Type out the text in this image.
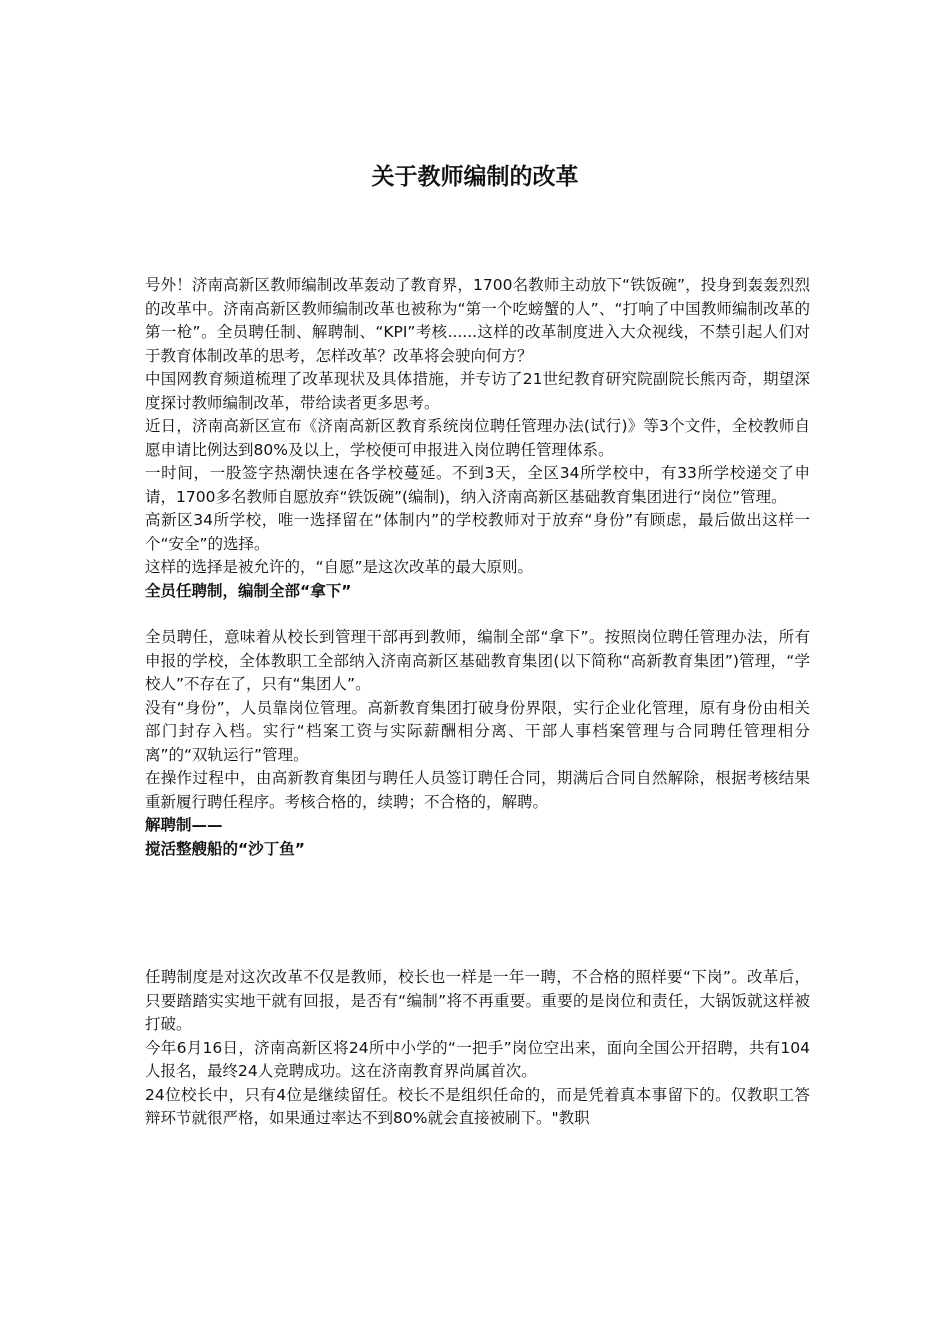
关于教师编制的改革

号外！济南高新区教师编制改革轰动了教育界，1700名教师主动放下“铁饭碗”，投身到轰轰烈烈的改革中。济南高新区教师编制改革也被称为“第一个吃螃蟹的人”、“打响了中国教师编制改革的第一枪”。全员聘任制、解聘制、“KPI”考核......这样的改革制度进入大众视线，不禁引起人们对于教育体制改革的思考，怎样改革？改革将会驶向何方？

中国网教育频道梳理了改革现状及具体措施，并专访了21世纪教育研究院副院长熊丙奇，期望深度探讨教师编制改革，带给读者更多思考。

近日，济南高新区宣布《济南高新区教育系统岗位聘任管理办法(试行)》等3个文件，全校教师自愿申请比例达到80%及以上，学校便可申报进入岗位聘任管理体系。

一时间，一股签字热潮快速在各学校蔓延。不到3天，全区34所学校中，有33所学校递交了申请，1700多名教师自愿放弃“铁饭碗”(编制)，纳入济南高新区基础教育集团进行“岗位”管理。

高新区34所学校，唯一选择留在“体制内”的学校教师对于放弃“身份”有顾虑，最后做出这样一个“安全”的选择。

这样的选择是被允许的，“自愿”是这次改革的最大原则。

全员任聘制，编制全部“拿下”

全员聘任，意味着从校长到管理干部再到教师，编制全部“拿下”。按照岗位聘任管理办法，所有申报的学校，全体教职工全部纳入济南高新区基础教育集团(以下简称“高新教育集团”)管理，“学校人”不存在了，只有“集团人”。

没有“身份”，人员靠岗位管理。高新教育集团打破身份界限，实行企业化管理，原有身份由相关部门封存入档。实行“档案工资与实际薪酬相分离、干部人事档案管理与合同聘任管理相分离”的“双轨运行”管理。

在操作过程中，由高新教育集团与聘任人员签订聘任合同，期满后合同自然解除，根据考核结果重新履行聘任程序。考核合格的，续聘；不合格的，解聘。

解聘制——

搅活整艘船的“沙丁鱼”

任聘制度是对这次改革不仅是教师，校长也一样是一年一聘，不合格的照样要“下岗”。改革后，只要踏踏实实地干就有回报，是否有“编制”将不再重要。重要的是岗位和责任，大锅饭就这样被打破。

今年6月16日，济南高新区将24所中小学的“一把手”岗位空出来，面向全国公开招聘，共有104人报名，最终24人竞聘成功。这在济南教育界尚属首次。

24位校长中，只有4位是继续留任。校长不是组织任命的，而是凭着真本事留下的。仅教职工答辩环节就很严格，如果通过率达不到80%就会直接被刷下。"教职
